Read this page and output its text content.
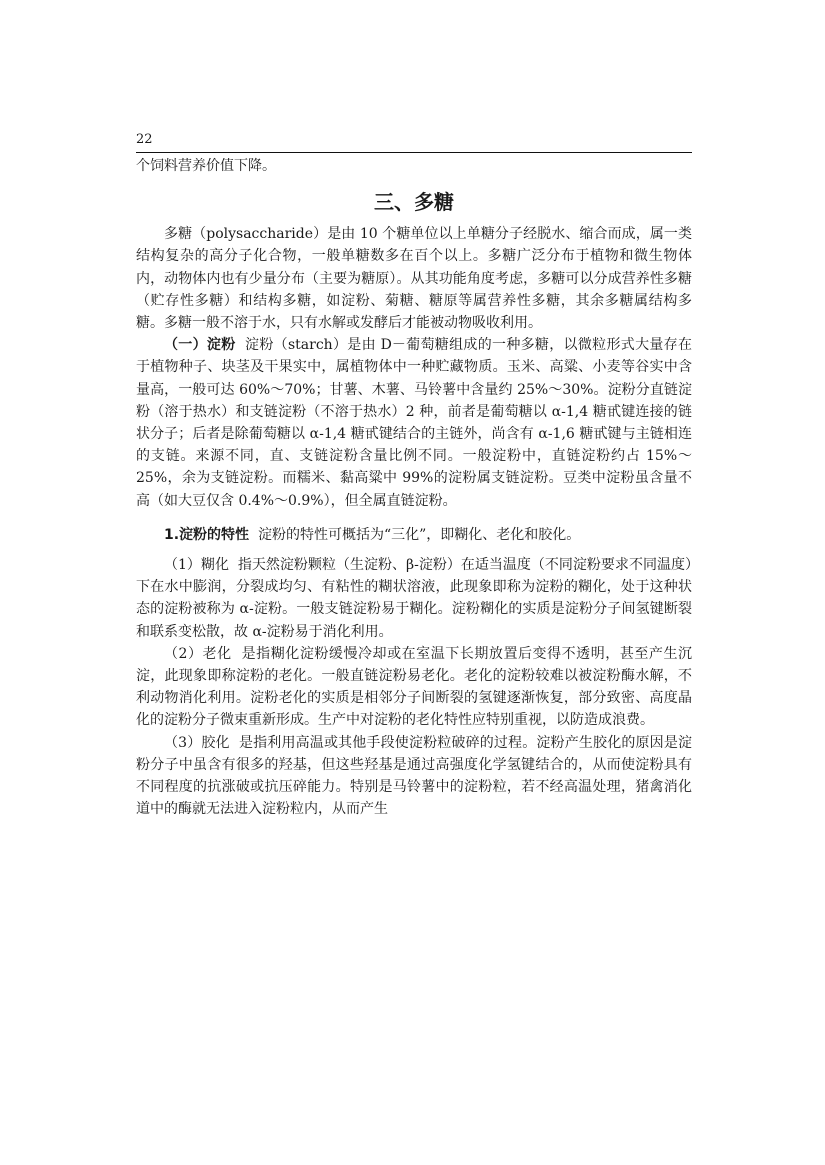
22

个饲料营养价值下降。

三、多糖

多糖（polysaccharide）是由 10 个糖单位以上单糖分子经脱水、缩合而成，属一类结构复杂的高分子化合物，一般单糖数多在百个以上。多糖广泛分布于植物和微生物体内，动物体内也有少量分布（主要为糖原）。从其功能角度考虑，多糖可以分成营养性多糖（贮存性多糖）和结构多糖，如淀粉、菊糖、糖原等属营养性多糖，其余多糖属结构多糖。多糖一般不溶于水，只有水解或发酵后才能被动物吸收利用。

（一）淀粉 淀粉（starch）是由 D－葡萄糖组成的一种多糖，以微粒形式大量存在于植物种子、块茎及干果实中，属植物体中一种贮藏物质。玉米、高粱、小麦等谷实中含量高，一般可达 60%～70%；甘薯、木薯、马铃薯中含量约 25%～30%。淀粉分直链淀粉（溶于热水）和支链淀粉（不溶于热水）2 种，前者是葡萄糖以 α-1,4 糖甙键连接的链状分子；后者是除葡萄糖以 α-1,4 糖甙键结合的主链外，尚含有 α-1,6 糖甙键与主链相连的支链。来源不同，直、支链淀粉含量比例不同。一般淀粉中，直链淀粉约占 15%～25%，余为支链淀粉。而糯米、黏高粱中 99%的淀粉属支链淀粉。豆类中淀粉虽含量不高（如大豆仅含 0.4%～0.9%），但全属直链淀粉。

1.淀粉的特性 淀粉的特性可概括为“三化”，即糊化、老化和胶化。

（1）糊化 指天然淀粉颗粒（生淀粉、β-淀粉）在适当温度（不同淀粉要求不同温度）下在水中膨润，分裂成均匀、有粘性的糊状溶液，此现象即称为淀粉的糊化，处于这种状态的淀粉被称为 α-淀粉。一般支链淀粉易于糊化。淀粉糊化的实质是淀粉分子间氢键断裂和联系变松散，故 α-淀粉易于消化利用。

（2）老化 是指糊化淀粉缓慢冷却或在室温下长期放置后变得不透明，甚至产生沉淀，此现象即称淀粉的老化。一般直链淀粉易老化。老化的淀粉较难以被淀粉酶水解，不利动物消化利用。淀粉老化的实质是相邻分子间断裂的氢键逐渐恢复，部分致密、高度晶化的淀粉分子微束重新形成。生产中对淀粉的老化特性应特别重视，以防造成浪费。

（3）胶化 是指利用高温或其他手段使淀粉粒破碎的过程。淀粉产生胶化的原因是淀粉分子中虽含有很多的羟基，但这些羟基是通过高强度化学氢键结合的，从而使淀粉具有不同程度的抗涨破或抗压碎能力。特别是马铃薯中的淀粉粒，若不经高温处理，猪禽消化道中的酶就无法进入淀粉粒内，从而产生
